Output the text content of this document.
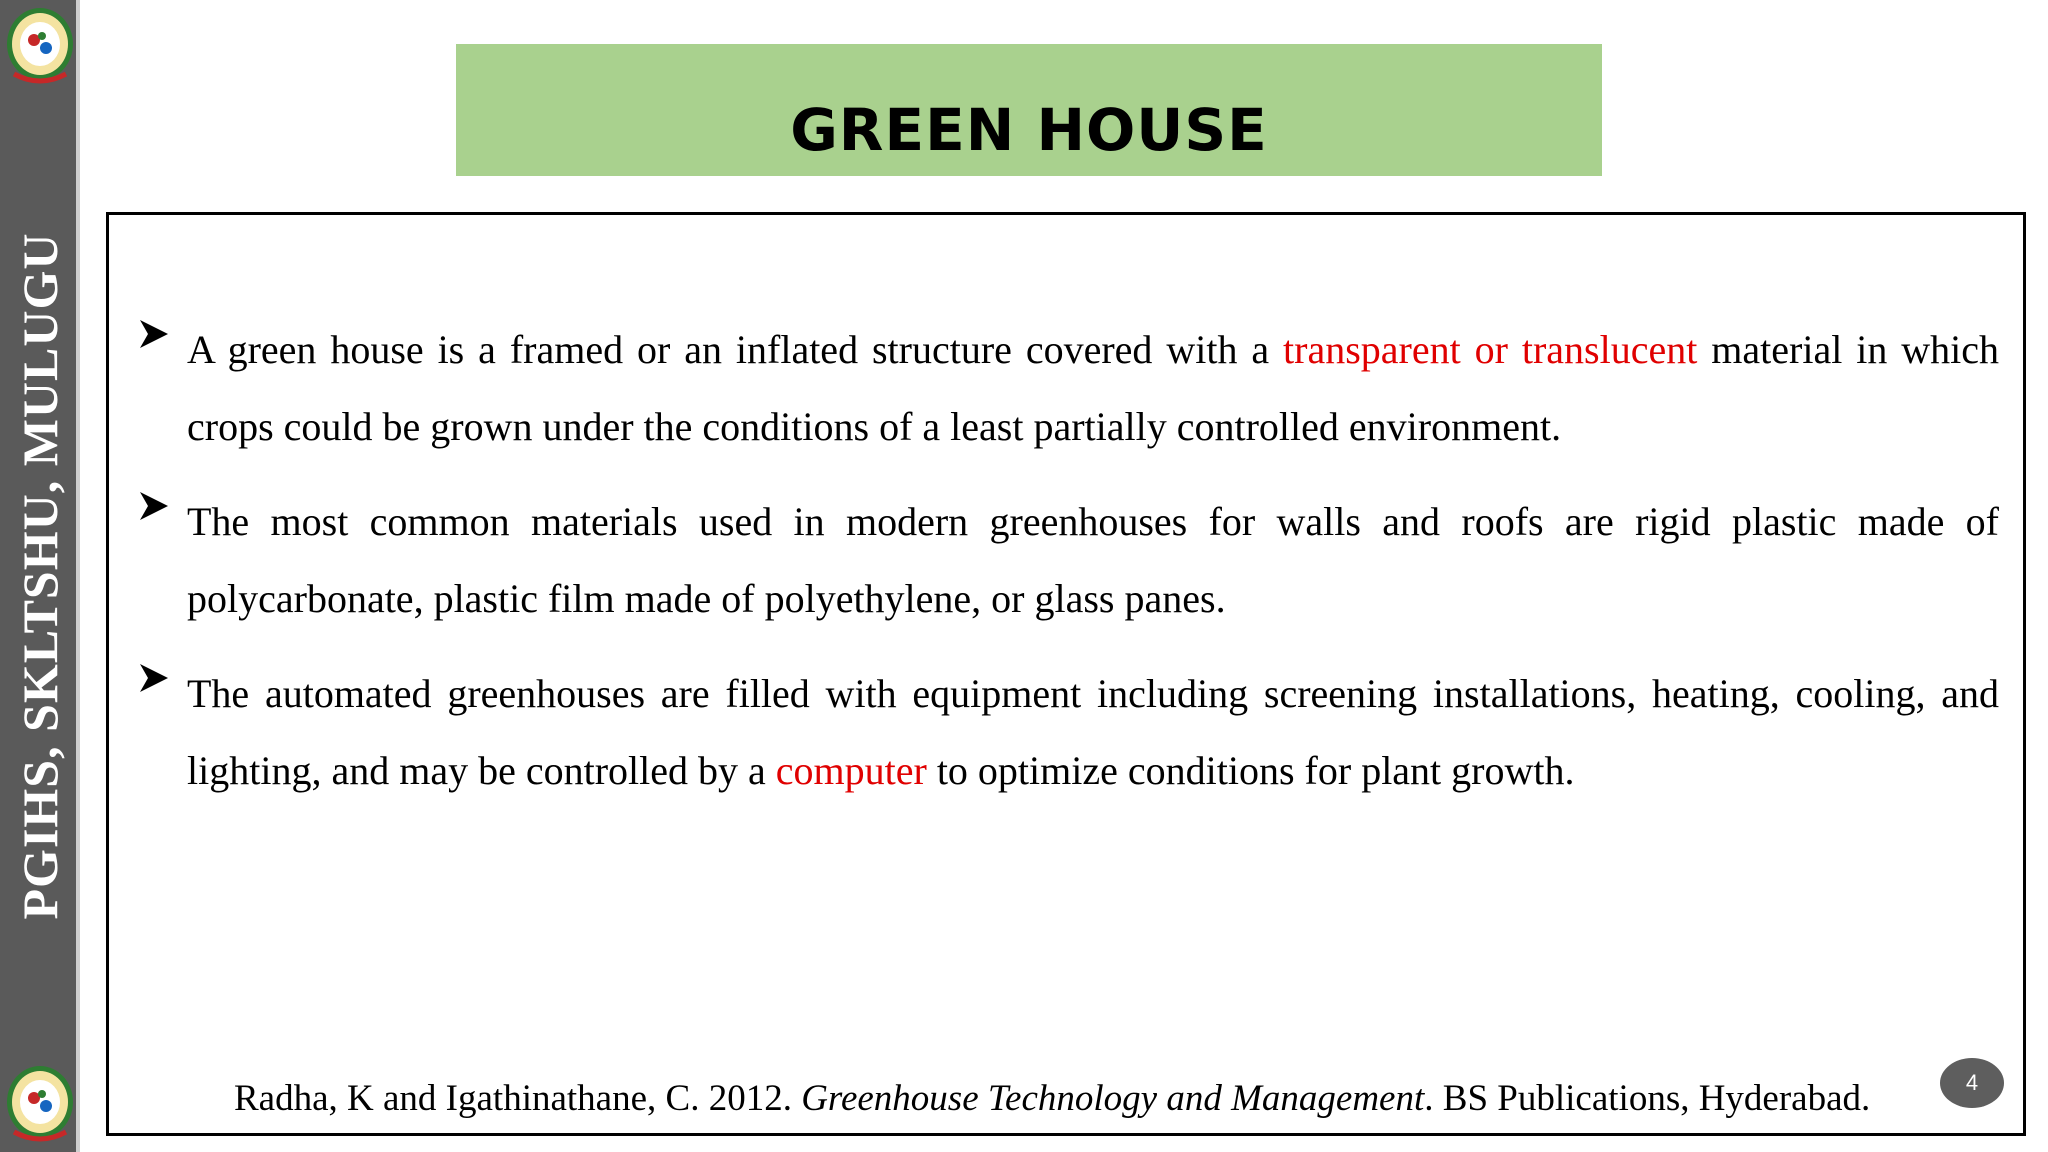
PGIHS, SKLTSHU, MULUGU
GREEN HOUSE
A green house is a framed or an inflated structure covered with a transparent or translucent material in which crops could be grown under the conditions of a least partially controlled environment.
The most common materials used in modern greenhouses for walls and roofs are rigid plastic made of polycarbonate, plastic film made of polyethylene, or glass panes.
The automated greenhouses are filled with equipment including screening installations, heating, cooling, and lighting, and may be controlled by a computer to optimize conditions for plant growth.
Radha, K and Igathinathane, C. 2012. Greenhouse Technology and Management. BS Publications, Hyderabad.	4
